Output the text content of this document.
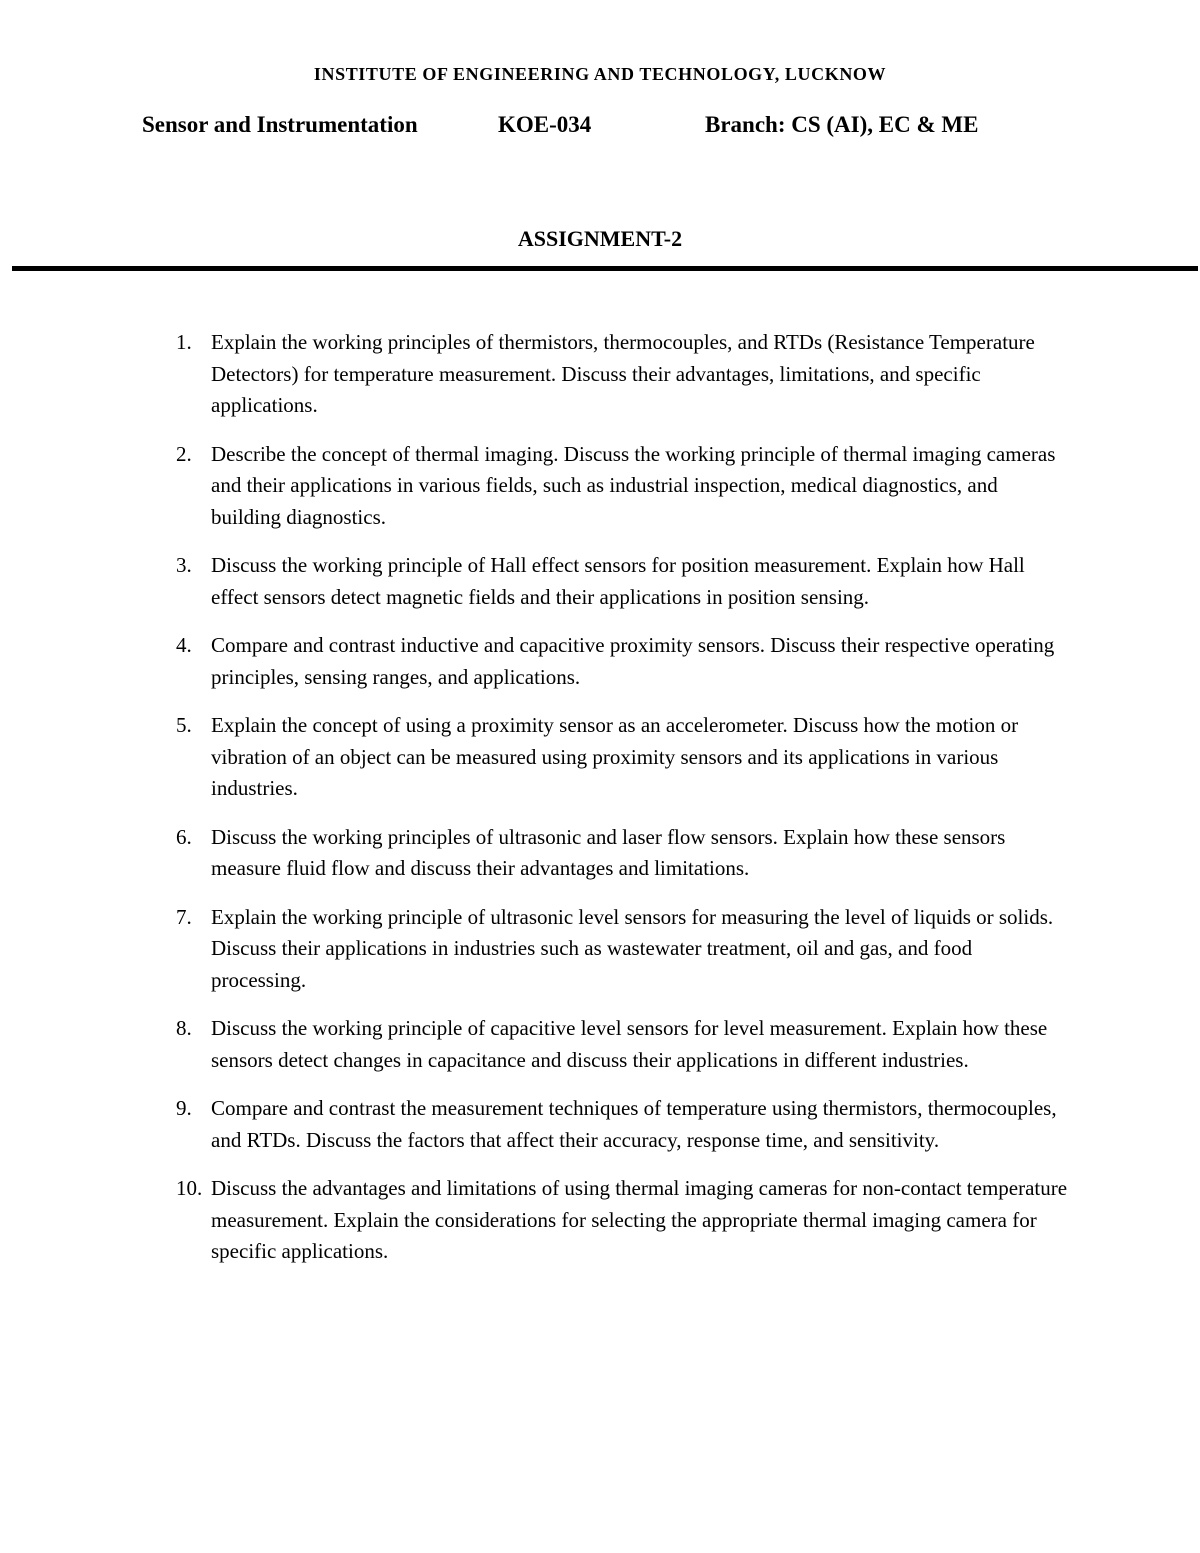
INSTITUTE OF ENGINEERING AND TECHNOLOGY, LUCKNOW
Sensor and Instrumentation	KOE-034	Branch: CS (AI), EC & ME
ASSIGNMENT-2
1. Explain the working principles of thermistors, thermocouples, and RTDs (Resistance Temperature Detectors) for temperature measurement. Discuss their advantages, limitations, and specific applications.
2. Describe the concept of thermal imaging. Discuss the working principle of thermal imaging cameras and their applications in various fields, such as industrial inspection, medical diagnostics, and building diagnostics.
3. Discuss the working principle of Hall effect sensors for position measurement. Explain how Hall effect sensors detect magnetic fields and their applications in position sensing.
4. Compare and contrast inductive and capacitive proximity sensors. Discuss their respective operating principles, sensing ranges, and applications.
5. Explain the concept of using a proximity sensor as an accelerometer. Discuss how the motion or vibration of an object can be measured using proximity sensors and its applications in various industries.
6. Discuss the working principles of ultrasonic and laser flow sensors. Explain how these sensors measure fluid flow and discuss their advantages and limitations.
7. Explain the working principle of ultrasonic level sensors for measuring the level of liquids or solids. Discuss their applications in industries such as wastewater treatment, oil and gas, and food processing.
8. Discuss the working principle of capacitive level sensors for level measurement. Explain how these sensors detect changes in capacitance and discuss their applications in different industries.
9. Compare and contrast the measurement techniques of temperature using thermistors, thermocouples, and RTDs. Discuss the factors that affect their accuracy, response time, and sensitivity.
10. Discuss the advantages and limitations of using thermal imaging cameras for non-contact temperature measurement. Explain the considerations for selecting the appropriate thermal imaging camera for specific applications.
